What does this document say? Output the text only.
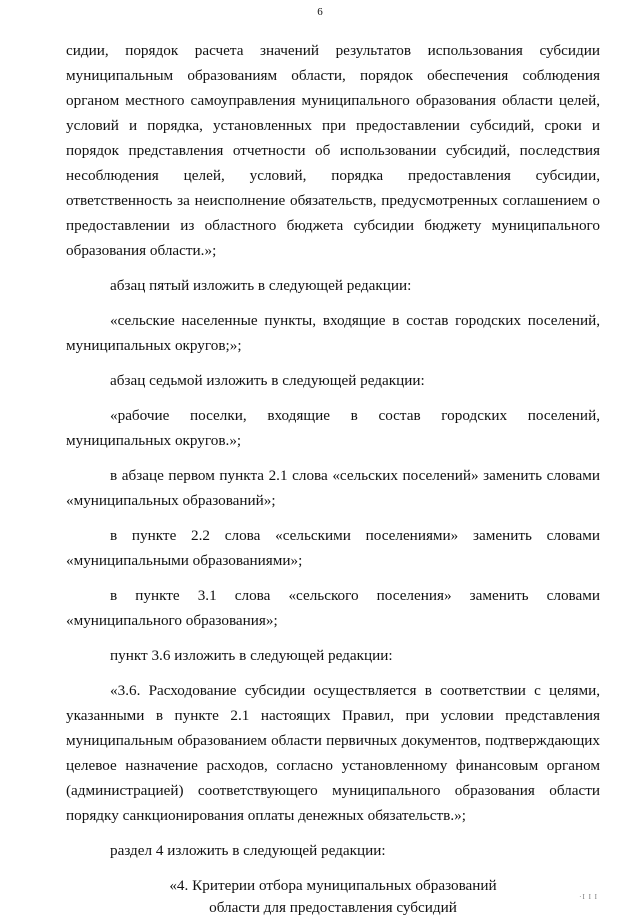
6

сидии, порядок расчета значений результатов использования субсидии муниципальным образованиям области, порядок обеспечения соблюдения органом местного самоуправления муниципального образования области целей, условий и порядка, установленных при предоставлении субсидий, сроки и порядок представления отчетности об использовании субсидий, последствия несоблюдения целей, условий, порядка предоставления субсидии, ответственность за неисполнение обязательств, предусмотренных соглашением о предоставлении из областного бюджета субсидии бюджету муниципального образования области.»;

абзац пятый изложить в следующей редакции:

«сельские населенные пункты, входящие в состав городских поселений, муниципальных округов;»;

абзац седьмой изложить в следующей редакции:

«рабочие поселки, входящие в состав городских поселений, муниципальных округов.»;

в абзаце первом пункта 2.1 слова «сельских поселений» заменить словами «муниципальных образований»;

в пункте 2.2 слова «сельскими поселениями» заменить словами «муниципальными образованиями»;

в пункте 3.1 слова «сельского поселения» заменить словами «муниципального образования»;

пункт 3.6 изложить в следующей редакции:

«3.6. Расходование субсидии осуществляется в соответствии с целями, указанными в пункте 2.1 настоящих Правил, при условии представления муниципальным образованием области первичных документов, подтверждающих целевое назначение расходов, согласно установленному финансовым органом (администрацией) соответствующего муниципального образования области порядку санкционирования оплаты денежных обязательств.»;

раздел 4 изложить в следующей редакции:

«4. Критерии отбора муниципальных образований
области для предоставления субсидий

·I I I
